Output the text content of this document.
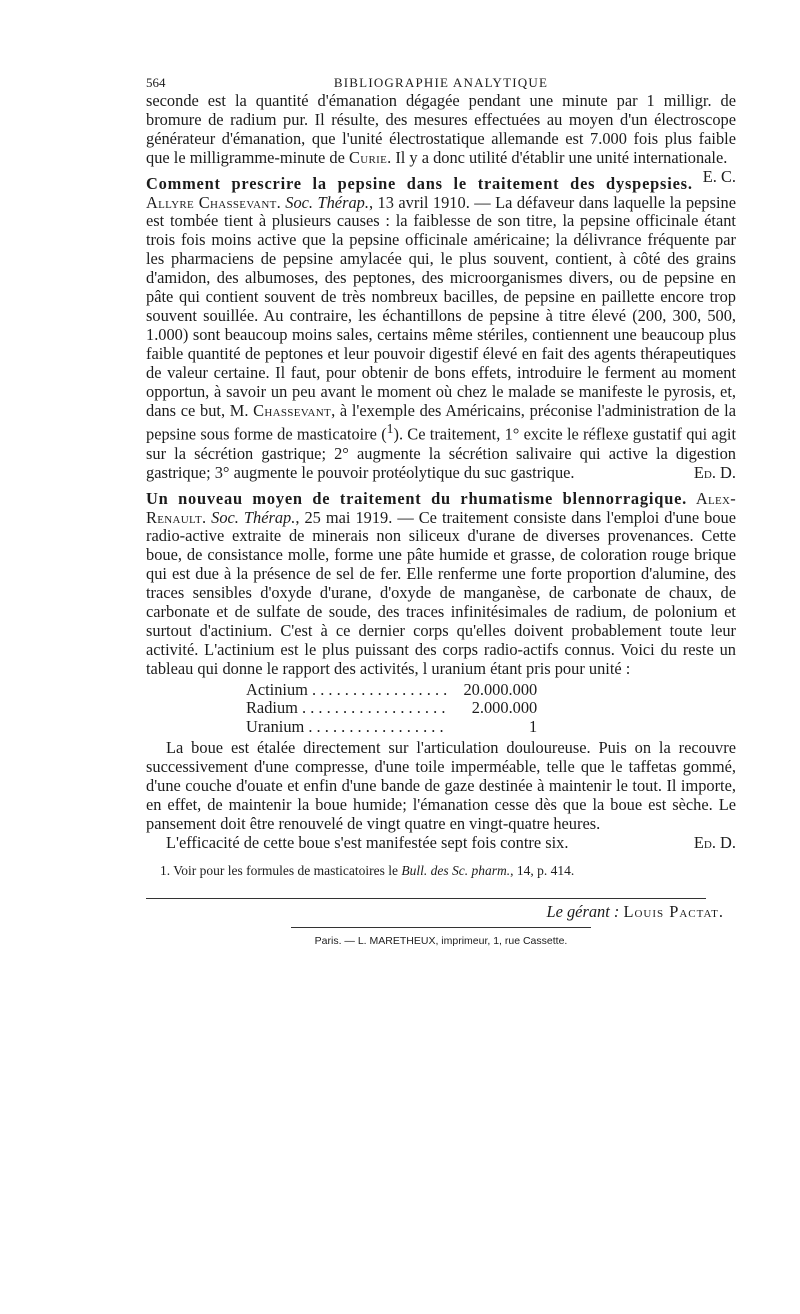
564	BIBLIOGRAPHIE ANALYTIQUE

seconde est la quantité d'émanation dégagée pendant une minute par 1 milligr. de bromure de radium pur. Il résulte, des mesures effectuées au moyen d'un électroscope générateur d'émanation, que l'unité électrostatique allemande est 7.000 fois plus faible que le milligramme-minute de Curie. Il y a donc utilité d'établir une unité internationale.
E. C.

Comment prescrire la pepsine dans le traitement des dyspepsies. Allyre Chassevant. Soc. Thérap., 13 avril 1910. — La défaveur dans laquelle la pepsine est tombée tient à plusieurs causes : la faiblesse de son titre, la pepsine officinale étant trois fois moins active que la pepsine officinale américaine; la délivrance fréquente par les pharmaciens de pepsine amylacée qui, le plus souvent, contient, à côté des grains d'amidon, des albumoses, des peptones, des microorganismes divers, ou de pepsine en pâte qui contient souvent de très nombreux bacilles, de pepsine en paillette encore trop souvent souillée. Au contraire, les échantillons de pepsine à titre élevé (200, 300, 500, 1.000) sont beaucoup moins sales, certains même stériles, contiennent une beaucoup plus faible quantité de peptones et leur pouvoir digestif élevé en fait des agents thérapeutiques de valeur certaine. Il faut, pour obtenir de bons effets, introduire le ferment au moment opportun, à savoir un peu avant le moment où chez le malade se manifeste le pyrosis, et, dans ce but, M. Chassevant, à l'exemple des Américains, préconise l'administration de la pepsine sous forme de masticatoire ($^1$). Ce traitement, 1° excite le réflexe gustatif qui agit sur la sécrétion gastrique; 2° augmente la sécrétion salivaire qui active la digestion gastrique; 3° augmente le pouvoir protéolytique du suc gastrique.	Ed. D.

Un nouveau moyen de traitement du rhumatisme blennorragique. Alex-Renault. Soc. Thérap., 25 mai 1919. — Ce traitement consiste dans l'emploi d'une boue radio-active extraite de minerais non siliceux d'urane de diverses provenances. Cette boue, de consistance molle, forme une pâte humide et grasse, de coloration rouge brique qui est due à la présence de sel de fer. Elle renferme une forte proportion d'alumine, des traces sensibles d'oxyde d'urane, d'oxyde de manganèse, de carbonate de chaux, de carbonate et de sulfate de soude, des traces infinitésimales de radium, de polonium et surtout d'actinium. C'est à ce dernier corps qu'elles doivent probablement toute leur activité. L'actinium est le plus puissant des corps radio-actifs connus. Voici du reste un tableau qui donne le rapport des activités, l uranium étant pris pour unité :

Actinium . . . . . . . . . . . . . . . . .	20.000.000
Radium . . . . . . . . . . . . . . . . . .	2.000.000
Uranium . . . . . . . . . . . . . . . . .	1

La boue est étalée directement sur l'articulation douloureuse. Puis on la recouvre successivement d'une compresse, d'une toile imperméable, telle que le taffetas gommé, d'une couche d'ouate et enfin d'une bande de gaze destinée à maintenir le tout. Il importe, en effet, de maintenir la boue humide; l'émanation cesse dès que la boue est sèche. Le pansement doit être renouvelé de vingt quatre en vingt-quatre heures.

L'efficacité de cette boue s'est manifestée sept fois contre six.	Ed. D.

1. Voir pour les formules de masticatoires le Bull. des Sc. pharm., 14, p. 414.

Le gérant : Louis Pactat.
Paris. — L. MARETHEUX, imprimeur, 1, rue Cassette.
